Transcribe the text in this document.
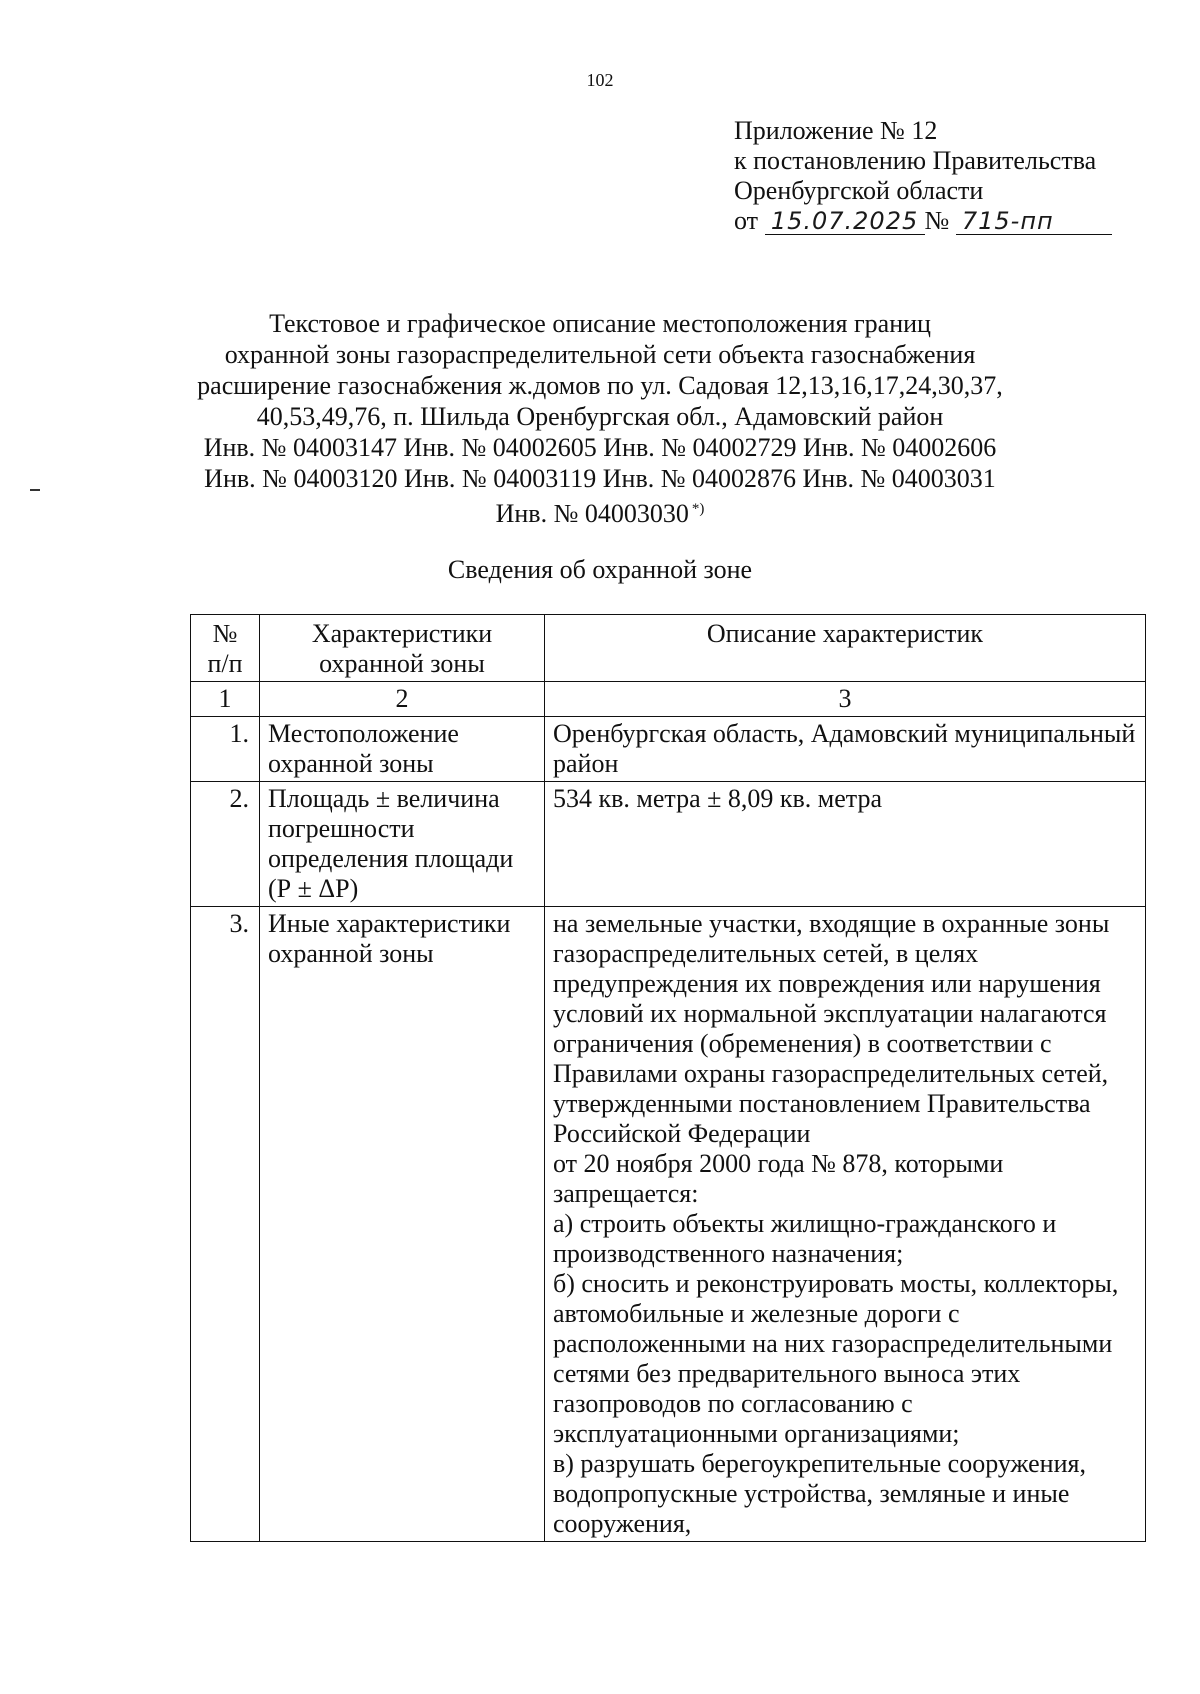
102
Приложение № 12
к постановлению Правительства
Оренбургской области
от 15.07.2025 № 715-пп
Текстовое и графическое описание местоположения границ
охранной зоны газораспределительной сети объекта газоснабжения
расширение газоснабжения ж.домов по ул. Садовая 12,13,16,17,24,30,37,
40,53,49,76, п. Шильда Оренбургская обл., Адамовский район
Инв. № 04003147 Инв. № 04002605 Инв. № 04002729 Инв. № 04002606
Инв. № 04003120 Инв. № 04003119 Инв. № 04002876 Инв. № 04003031
Инв. № 04003030 *)
Сведения об охранной зоне
№ п/п	Характеристики охранной зоны	Описание характеристик
1	2	3
1.	Местоположение охранной зоны	Оренбургская область, Адамовский муниципальный район

2.	Площадь ± величина погрешности определения площади (Р ± ΔР)	534 кв. метра ± 8,09 кв. метра

3.	Иные характеристики охранной зоны	на земельные участки, входящие в охранные зоны газораспределительных сетей, в целях предупреждения их повреждения или нарушения условий их нормальной эксплуатации налагаются ограничения (обременения) в соответствии с Правилами охраны газораспределительных сетей, утвержденными постановлением Правительства Российской Федерации

от 20 ноября 2000 года № 878, которыми запрещается:

а) строить объекты жилищно-гражданского и производственного назначения;

б) сносить и реконструировать мосты, коллекторы, автомобильные и железные дороги с расположенными на них газораспределительными сетями без предварительного выноса этих газопроводов по согласованию с эксплуатационными организациями;

в) разрушать берегоукрепительные сооружения, водопропускные устройства, земляные и иные сооружения,
